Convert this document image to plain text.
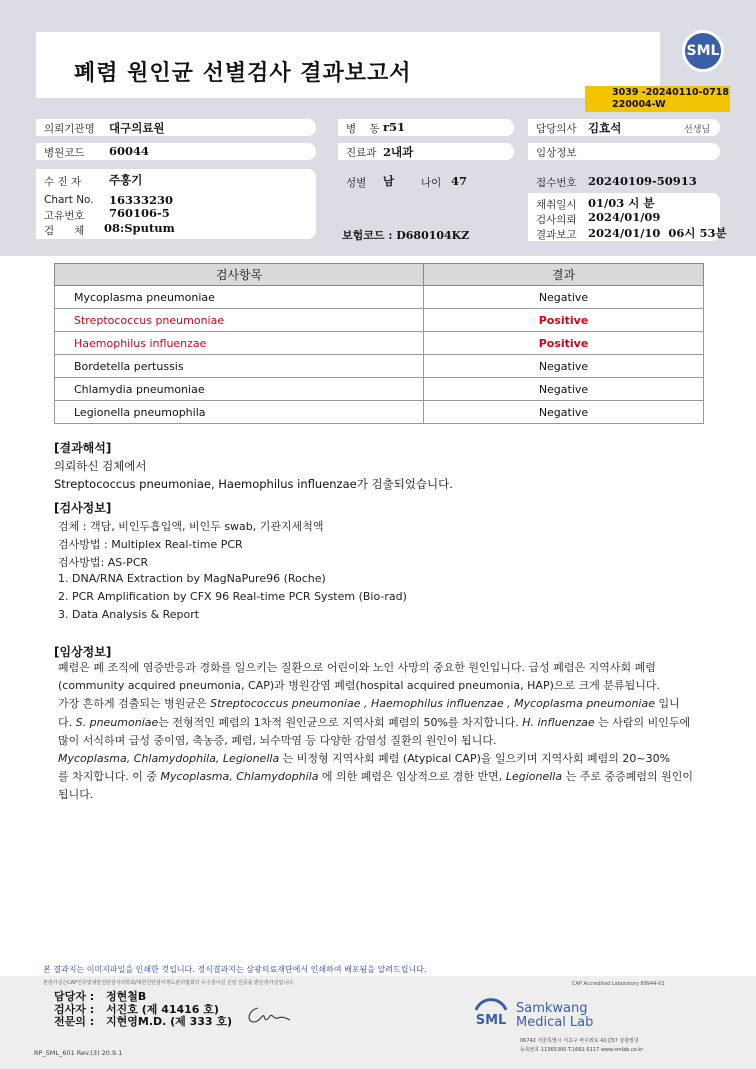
폐렴 원인균 선별검사 결과보고서
SML
3039 -20240110-0718
220004-W
의뢰기관명 대구의료원
병원코드 60044
수 진 자 주홍기
Chart No. 16333230
고유번호 760106-5
검      체 08:Sputum
병    동 r51
진료과 2내과
성별 남	나이 47
보험코드 : D680104KZ
담당의사 김효석	선생님
임상정보
접수번호 20240109-50913
채취일시 01/03 시 분
검사의뢰 2024/01/09
결과보고 2024/01/10  06시 53분
검사항목	결과
Mycoplasma pneumoniae	Negative
Streptococcus pneumoniae	Positive
Haemophilus influenzae	Positive
Bordetella pertussis	Negative
Chlamydia pneumoniae	Negative
Legionella pneumophila	Negative
[결과해석]
의뢰하신 검체에서
Streptococcus pneumoniae, Haemophilus influenzae가 검출되었습니다.
[검사정보]
검체 : 객담, 비인두흡입액, 비인두 swab, 기관지세척액
검사방법 : Multiplex Real-time PCR
검사방법: AS-PCR
1. DNA/RNA Extraction by MagNaPure96 (Roche)
2. PCR Amplification by CFX 96 Real-time PCR System (Bio-rad)
3. Data Analysis & Report
[임상정보]

폐렴은 폐 조직에 염증반응과 경화를 일으키는 질환으로 어린이와 노인 사망의 중요한 원인입니다. 급성 폐렴은 지역사회 폐렴

(community acquired pneumonia, CAP)과 병원감염 폐렴(hospital acquired pneumonia, HAP)으로 크게 분류됩니다.

가장 흔하게 검출되는 병원균은 Streptococcus pneumoniae , Haemophilus influenzae , Mycoplasma pneumoniae 입니

다. S. pneumoniae는 전형적인 폐렴의 1차적 원인균으로 지역사회 폐렴의 50%를 차지합니다. H. influenzae 는 사람의 비인두에

많이 서식하며 급성 중이염, 축농증, 폐렴, 뇌수막염 등 다양한 감염성 질환의 원인이 됩니다.

Mycoplasma, Chlamydophila, Legionella 는 비정형 지역사회 폐렴 (Atypical CAP)을 일으키며 지역사회 폐렴의 20~30%

를 차지합니다. 이 중 Mycoplasma, Chlamydophila 에 의한 폐렴은 임상적으로 경한 반면, Legionella 는 주로 중증폐렴의 원인이

됩니다.

본 결과지는 이미지파일을 인쇄한 것입니다. 정식결과지는 삼광의료재단에서 인쇄하여 배포됨을 알려드립니다.
본검사실은CAP인증및대한진단검사의학회/대한진단검사정도관리협회의 우수검사실 신임 인증을 받은검사실입니다.	CAP Accredited Laboratory 89944-01
담당자 : 정현철B
검사자 : 서진호 (제 41416 호)
전문의 : 지현영M.D. (제 333 호)	SML
Samkwang
Medical Lab
06742 서울특별시 서초구 바우뫼로 41길57 삼광빌딩
등록번호 11365300 T.1661-5117 www.smlab.co.kr
RP_SML_601 Rev.(3) 20.9.1
